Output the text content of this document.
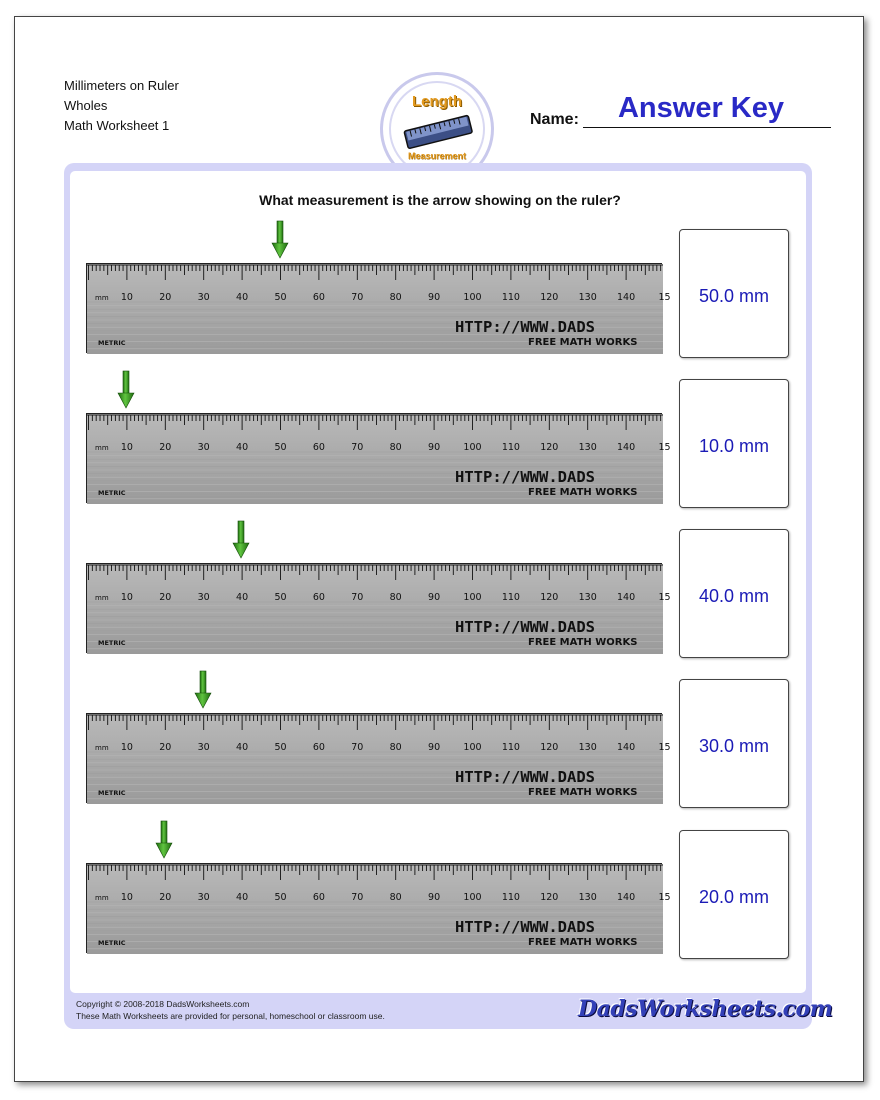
Millimeters on Ruler
Wholes
Math Worksheet 1
Length
Measurement
Name:	Answer Key
What measurement is the arrow showing on the ruler?
10	20	30	40	50	60	70	80	90 100 110 120 130 140 15
mm
HTTP://WWW.DADS
FREE MATH WORKS
METRIC
50.0 mm
10	20	30	40	50	60	70	80	90 100 110 120 130 140 15
mm
HTTP://WWW.DADS
FREE MATH WORKS
METRIC
10.0 mm
10	20	30	40	50	60	70	80	90 100 110 120 130 140 15
mm
HTTP://WWW.DADS
FREE MATH WORKS
METRIC
40.0 mm
10	20	30	40	50	60	70	80	90 100 110 120 130 140 15
mm
HTTP://WWW.DADS
FREE MATH WORKS
METRIC
30.0 mm
10	20	30	40	50	60	70	80	90 100 110 120 130 140 15
mm
HTTP://WWW.DADS
FREE MATH WORKS
METRIC
20.0 mm
Copyright © 2008-2018 DadsWorksheets.com
These Math Worksheets are provided for personal, homeschool or classroom use.	DadsWorksheets.com
